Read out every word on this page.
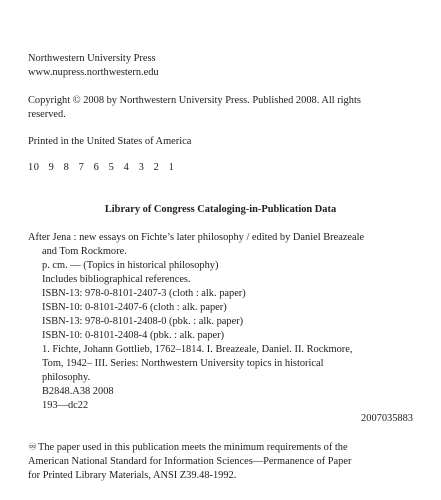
Northwestern University Press
www.nupress.northwestern.edu
Copyright © 2008 by Northwestern University Press. Published 2008. All rights
reserved.
Printed in the United States of America
10   9   8   7   6   5   4   3   2   1
Library of Congress Cataloging-in-Publication Data
After Jena : new essays on Fichte’s later philosophy / edited by Daniel Breazeale
and Tom Rockmore.
p. cm. — (Topics in historical philosophy)
Includes bibliographical references.
ISBN-13: 978-0-8101-2407-3 (cloth : alk. paper)
ISBN-10: 0-8101-2407-6 (cloth : alk. paper)
ISBN-13: 978-0-8101-2408-0 (pbk. : alk. paper)
ISBN-10: 0-8101-2408-4 (pbk. : alk. paper)
1. Fichte, Johann Gottlieb, 1762–1814. I. Breazeale, Daniel. II. Rockmore,
Tom, 1942– III. Series: Northwestern University topics in historical
philosophy.
B2848.A38 2008
193—dc22
2007035883
♾The paper used in this publication meets the minimum requirements of the
American National Standard for Information Sciences—Permanence of Paper
for Printed Library Materials, ANSI Z39.48-1992.
